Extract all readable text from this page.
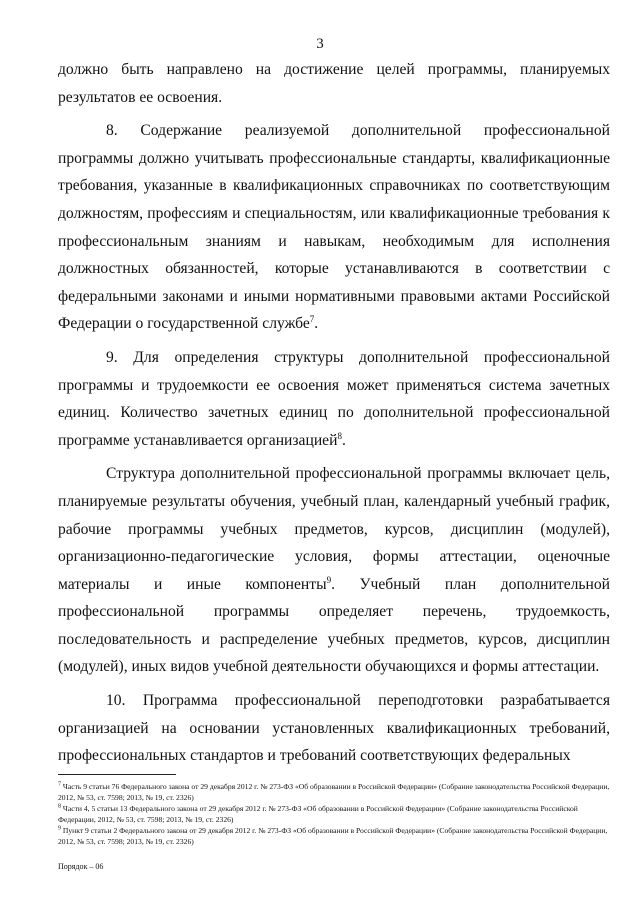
3

должно быть направлено на достижение целей программы, планируемых результатов ее освоения.

8. Содержание реализуемой дополнительной профессиональной программы должно учитывать профессиональные стандарты, квалификационные требования, указанные в квалификационных справочниках по соответствующим должностям, профессиям и специальностям, или квалификационные требования к профессиональным знаниям и навыкам, необходимым для исполнения должностных обязанностей, которые устанавливаются в соответствии с федеральными законами и иными нормативными правовыми актами Российской Федерации о государственной службе$^7$.

9. Для определения структуры дополнительной профессиональной программы и трудоемкости ее освоения может применяться система зачетных единиц. Количество зачетных единиц по дополнительной профессиональной программе устанавливается организацией$^8$.

Структура дополнительной профессиональной программы включает цель, планируемые результаты обучения, учебный план, календарный учебный график, рабочие программы учебных предметов, курсов, дисциплин (модулей), организационно-педагогические условия, формы аттестации, оценочные материалы и иные компоненты$^9$. Учебный план дополнительной профессиональной программы определяет перечень, трудоемкость, последовательность и распределение учебных предметов, курсов, дисциплин (модулей), иных видов учебной деятельности обучающихся и формы аттестации.

10. Программа профессиональной переподготовки разрабатывается организацией на основании установленных квалификационных требований, профессиональных стандартов и требований соответствующих федеральных

$^7$ Часть 9 статьи 76 Федерального закона от 29 декабря 2012 г. № 273-ФЗ «Об образовании в Российской Федерации» (Собрание законодательства Российской Федерации, 2012, № 53, ст. 7598; 2013, № 19, ст. 2326)

$^8$ Части 4, 5 статьи 13 Федерального закона от 29 декабря 2012 г. № 273-ФЗ «Об образовании в Российской Федерации» (Собрание законодательства Российской Федерации, 2012, № 53, ст. 7598; 2013, № 19, ст. 2326)

$^9$ Пункт 9 статьи 2 Федерального закона от 29 декабря 2012 г. № 273-ФЗ «Об образовании в Российской Федерации» (Собрание законодательства Российской Федерации, 2012, № 53, ст. 7598; 2013, № 19, ст. 2326)

Порядок – 06
